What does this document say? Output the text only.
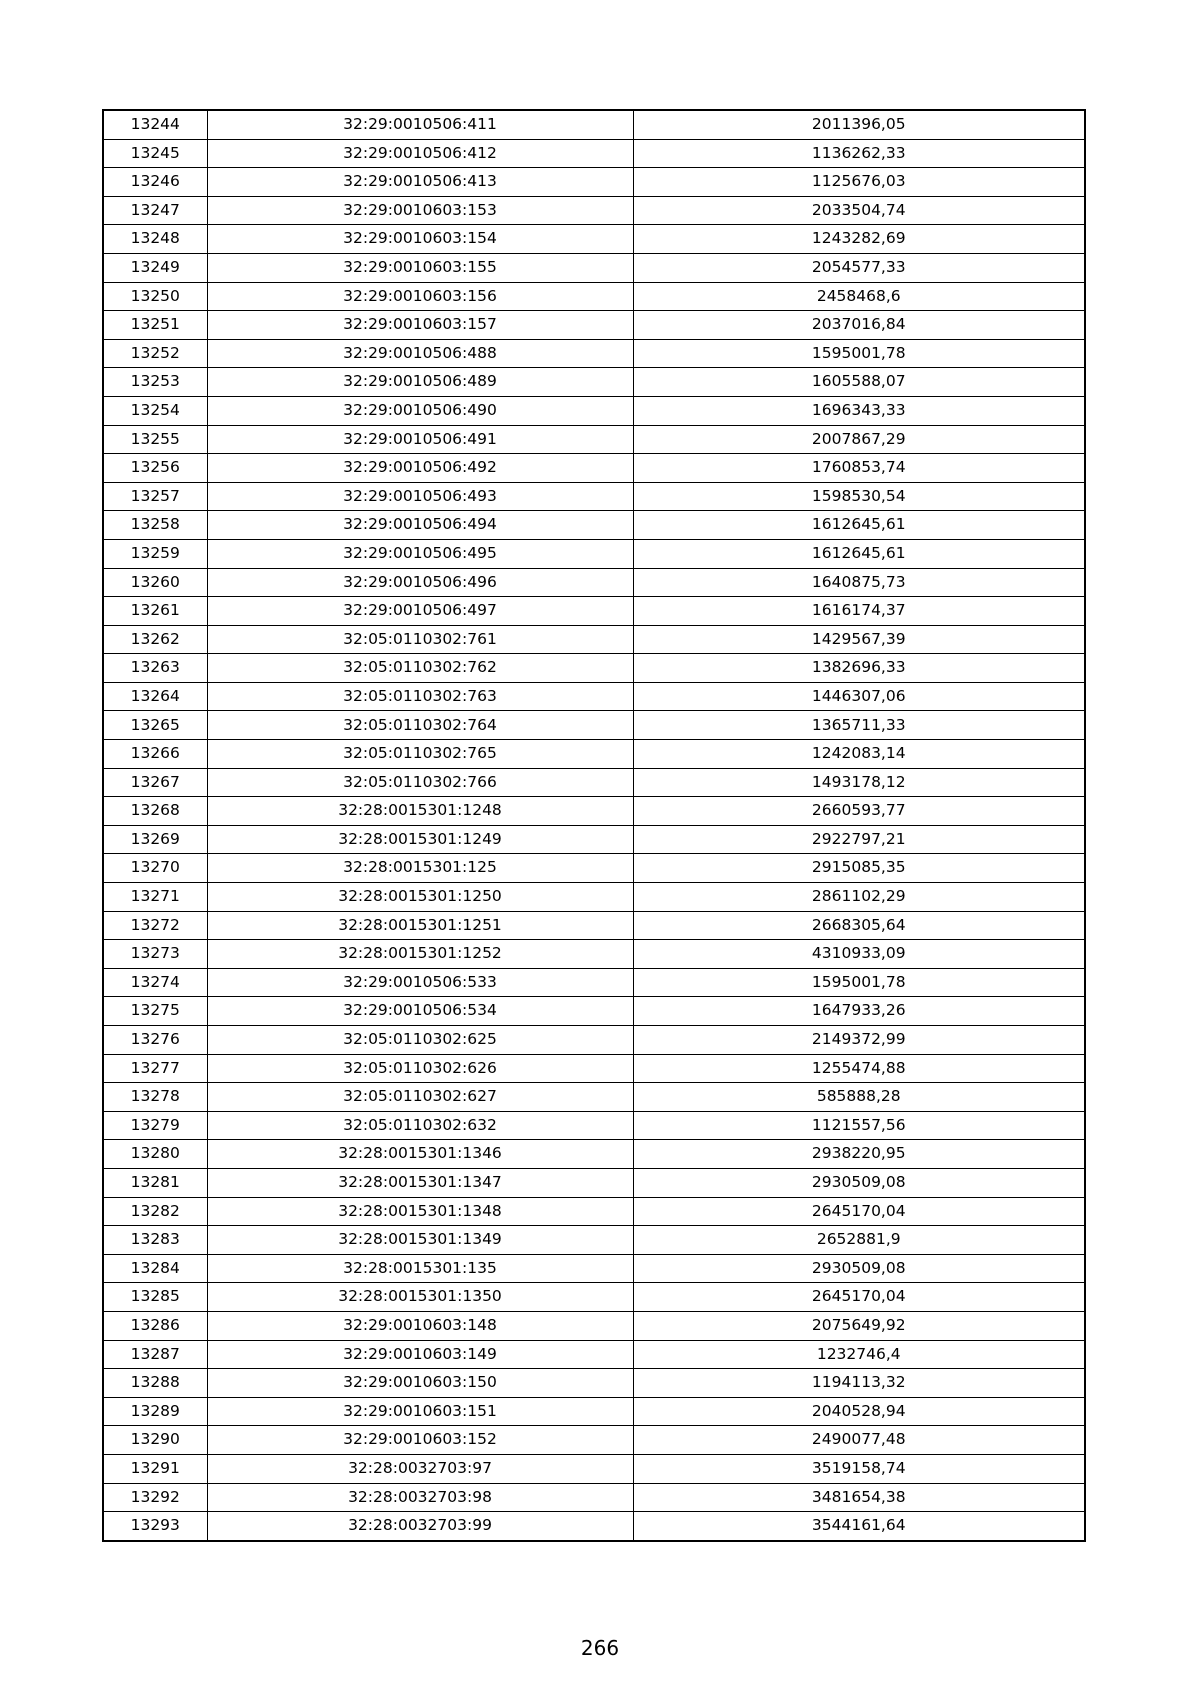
13244	32:29:0010506:411	2011396,05
13245	32:29:0010506:412	1136262,33
13246	32:29:0010506:413	1125676,03
13247	32:29:0010603:153	2033504,74
13248	32:29:0010603:154	1243282,69
13249	32:29:0010603:155	2054577,33
13250	32:29:0010603:156	2458468,6
13251	32:29:0010603:157	2037016,84
13252	32:29:0010506:488	1595001,78
13253	32:29:0010506:489	1605588,07
13254	32:29:0010506:490	1696343,33
13255	32:29:0010506:491	2007867,29
13256	32:29:0010506:492	1760853,74
13257	32:29:0010506:493	1598530,54
13258	32:29:0010506:494	1612645,61
13259	32:29:0010506:495	1612645,61
13260	32:29:0010506:496	1640875,73
13261	32:29:0010506:497	1616174,37
13262	32:05:0110302:761	1429567,39
13263	32:05:0110302:762	1382696,33
13264	32:05:0110302:763	1446307,06
13265	32:05:0110302:764	1365711,33
13266	32:05:0110302:765	1242083,14
13267	32:05:0110302:766	1493178,12
13268	32:28:0015301:1248	2660593,77
13269	32:28:0015301:1249	2922797,21
13270	32:28:0015301:125	2915085,35
13271	32:28:0015301:1250	2861102,29
13272	32:28:0015301:1251	2668305,64
13273	32:28:0015301:1252	4310933,09
13274	32:29:0010506:533	1595001,78
13275	32:29:0010506:534	1647933,26
13276	32:05:0110302:625	2149372,99
13277	32:05:0110302:626	1255474,88
13278	32:05:0110302:627	585888,28
13279	32:05:0110302:632	1121557,56
13280	32:28:0015301:1346	2938220,95
13281	32:28:0015301:1347	2930509,08
13282	32:28:0015301:1348	2645170,04
13283	32:28:0015301:1349	2652881,9
13284	32:28:0015301:135	2930509,08
13285	32:28:0015301:1350	2645170,04
13286	32:29:0010603:148	2075649,92
13287	32:29:0010603:149	1232746,4
13288	32:29:0010603:150	1194113,32
13289	32:29:0010603:151	2040528,94
13290	32:29:0010603:152	2490077,48
13291	32:28:0032703:97	3519158,74
13292	32:28:0032703:98	3481654,38
13293	32:28:0032703:99	3544161,64
266
